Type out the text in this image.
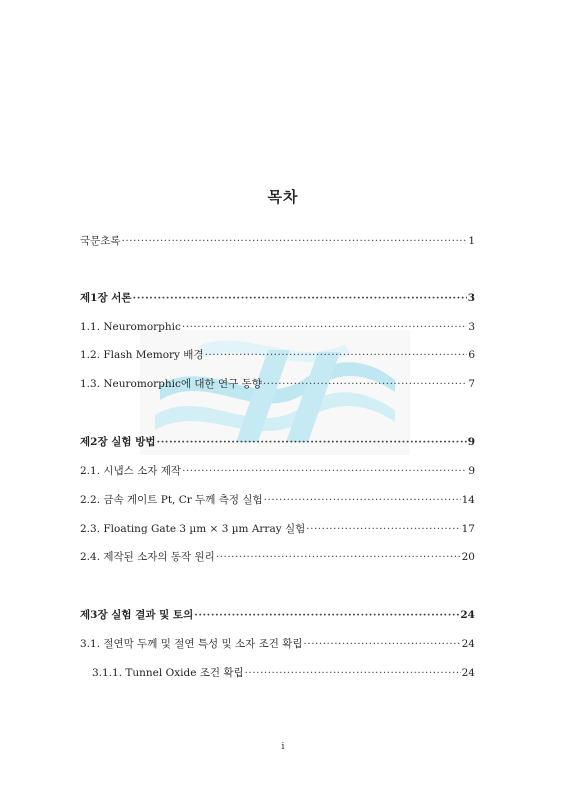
목차
국문초록 ·····	1
제1장 서론 ·····	3
1.1. Neuromorphic ·····	3
1.2. Flash Memory 배경 ·····	6
1.3. Neuromorphic에 대한 연구 동향 ·····	7
제2장 실험 방법 ·····	9
2.1. 시냅스 소자 제작 ·····	9
2.2. 금속 게이트 Pt, Cr 두께 측정 실험 ·····	14
2.3. Floating Gate 3 µm × 3 µm Array 실험 ·····	17
2.4. 제작된 소자의 동작 원리 ·····	20
제3장 실험 결과 및 토의 ·····	24
3.1. 절연막 두께 및 절연 특성 및 소자 조건 확립 ·····	24
3.1.1. Tunnel Oxide 조건 확립 ·····	24
i
